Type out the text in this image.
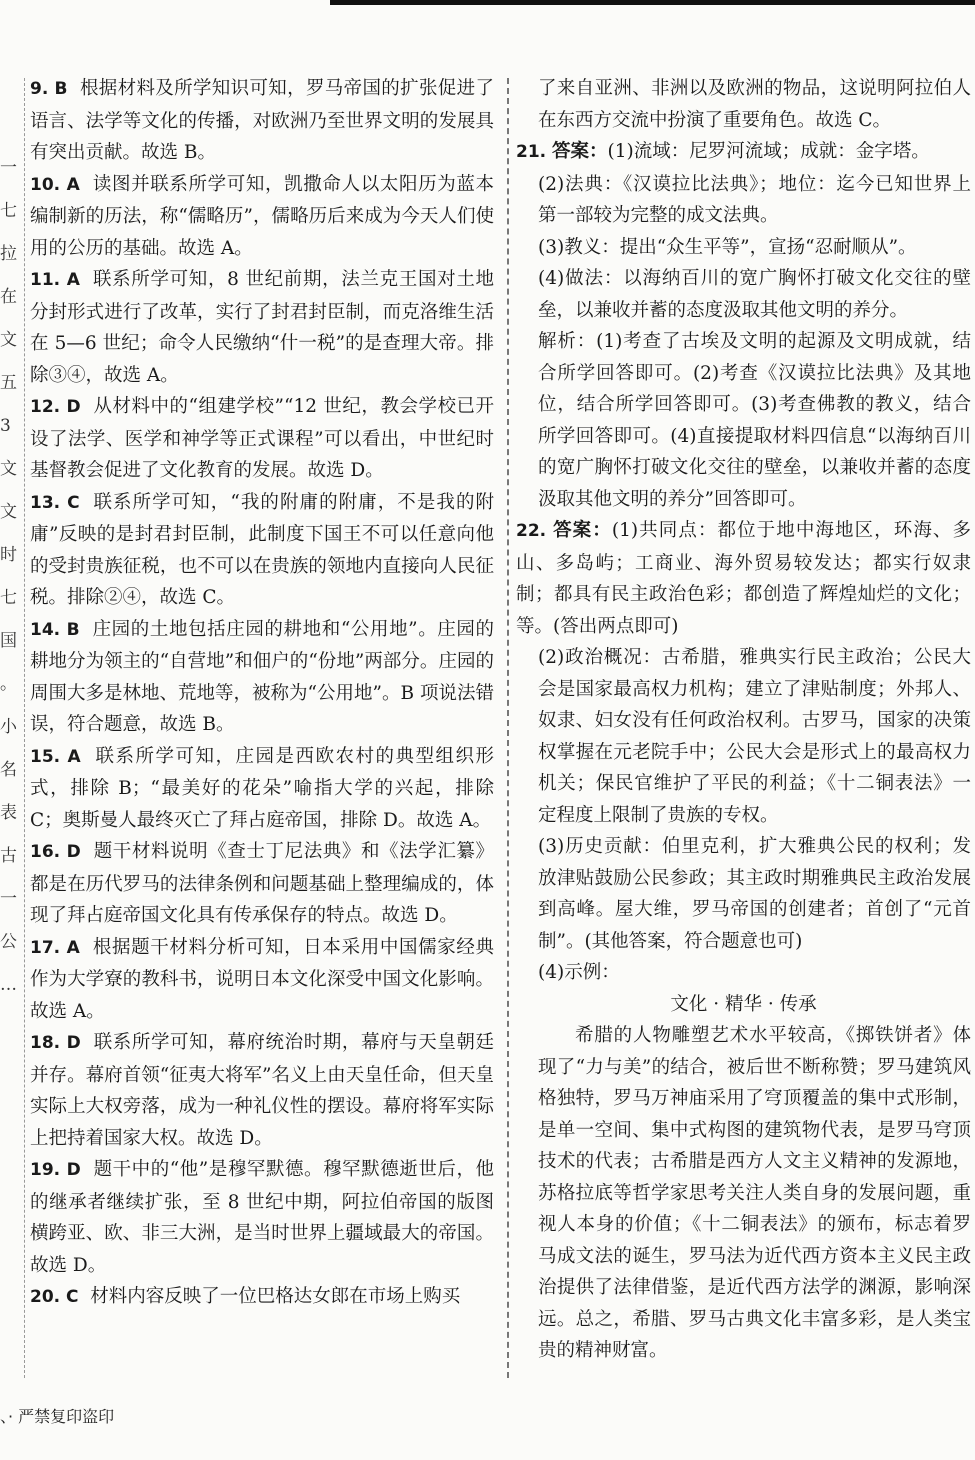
一
七
拉
在
文
五
3
文
文
时
七
国
。
小
名
表
古
一
公
…

9. B 根据材料及所学知识可知，罗马帝国的扩张促进了语言、法学等文化的传播，对欧洲乃至世界文明的发展具有突出贡献。故选 B。

10. A 读图并联系所学可知，凯撒命人以太阳历为蓝本编制新的历法，称“儒略历”，儒略历后来成为今天人们使用的公历的基础。故选 A。

11. A 联系所学可知，8 世纪前期，法兰克王国对土地分封形式进行了改革，实行了封君封臣制，而克洛维生活在 5—6 世纪；命令人民缴纳“什一税”的是查理大帝。排除③④，故选 A。

12. D 从材料中的“组建学校”“12 世纪，教会学校已开设了法学、医学和神学等正式课程”可以看出，中世纪时基督教会促进了文化教育的发展。故选 D。

13. C 联系所学可知，“我的附庸的附庸，不是我的附庸”反映的是封君封臣制，此制度下国王不可以任意向他的受封贵族征税，也不可以在贵族的领地内直接向人民征税。排除②④，故选 C。

14. B 庄园的土地包括庄园的耕地和“公用地”。庄园的耕地分为领主的“自营地”和佃户的“份地”两部分。庄园的周围大多是林地、荒地等，被称为“公用地”。B 项说法错误，符合题意，故选 B。

15. A 联系所学可知，庄园是西欧农村的典型组织形式，排除 B；“最美好的花朵”喻指大学的兴起，排除 C；奥斯曼人最终灭亡了拜占庭帝国，排除 D。故选 A。

16. D 题干材料说明《查士丁尼法典》和《法学汇纂》都是在历代罗马的法律条例和问题基础上整理编成的，体现了拜占庭帝国文化具有传承保存的特点。故选 D。

17. A 根据题干材料分析可知，日本采用中国儒家经典作为大学寮的教科书，说明日本文化深受中国文化影响。故选 A。

18. D 联系所学可知，幕府统治时期，幕府与天皇朝廷并存。幕府首领“征夷大将军”名义上由天皇任命，但天皇实际上大权旁落，成为一种礼仪性的摆设。幕府将军实际上把持着国家大权。故选 D。

19. D 题干中的“他”是穆罕默德。穆罕默德逝世后，他的继承者继续扩张，至 8 世纪中期，阿拉伯帝国的版图横跨亚、欧、非三大洲，是当时世界上疆域最大的帝国。故选 D。

20. C 材料内容反映了一位巴格达女郎在市场上购买

了来自亚洲、非洲以及欧洲的物品，这说明阿拉伯人在东西方交流中扮演了重要角色。故选 C。

21. 答案：(1)流域：尼罗河流域；成就：金字塔。

(2)法典：《汉谟拉比法典》；地位：迄今已知世界上第一部较为完整的成文法典。

(3)教义：提出“众生平等”，宣扬“忍耐顺从”。

(4)做法：以海纳百川的宽广胸怀打破文化交往的壁垒，以兼收并蓄的态度汲取其他文明的养分。

解析：(1)考查了古埃及文明的起源及文明成就，结合所学回答即可。(2)考查《汉谟拉比法典》及其地位，结合所学回答即可。(3)考查佛教的教义，结合所学回答即可。(4)直接提取材料四信息“以海纳百川的宽广胸怀打破文化交往的壁垒，以兼收并蓄的态度汲取其他文明的养分”回答即可。

22. 答案：(1)共同点：都位于地中海地区，环海、多山、多岛屿；工商业、海外贸易较发达；都实行奴隶制；都具有民主政治色彩；都创造了辉煌灿烂的文化；等。(答出两点即可)

(2)政治概况：古希腊，雅典实行民主政治；公民大会是国家最高权力机构；建立了津贴制度；外邦人、奴隶、妇女没有任何政治权利。古罗马，国家的决策权掌握在元老院手中；公民大会是形式上的最高权力机关；保民官维护了平民的利益；《十二铜表法》一定程度上限制了贵族的专权。

(3)历史贡献：伯里克利，扩大雅典公民的权利；发放津贴鼓励公民参政；其主政时期雅典民主政治发展到高峰。屋大维，罗马帝国的创建者；首创了“元首制”。(其他答案，符合题意也可)

(4)示例：

文化 · 精华 · 传承

希腊的人物雕塑艺术水平较高，《掷铁饼者》体现了“力与美”的结合，被后世不断称赞；罗马建筑风格独特，罗马万神庙采用了穹顶覆盖的集中式形制，是单一空间、集中式构图的建筑物代表，是罗马穹顶技术的代表；古希腊是西方人文主义精神的发源地，苏格拉底等哲学家思考关注人类自身的发展问题，重视人本身的价值；《十二铜表法》的颁布，标志着罗马成文法的诞生，罗马法为近代西方资本主义民主政治提供了法律借鉴，是近代西方法学的渊源，影响深远。总之，希腊、罗马古典文化丰富多彩，是人类宝贵的精神财富。

、· 严禁复印盗印
